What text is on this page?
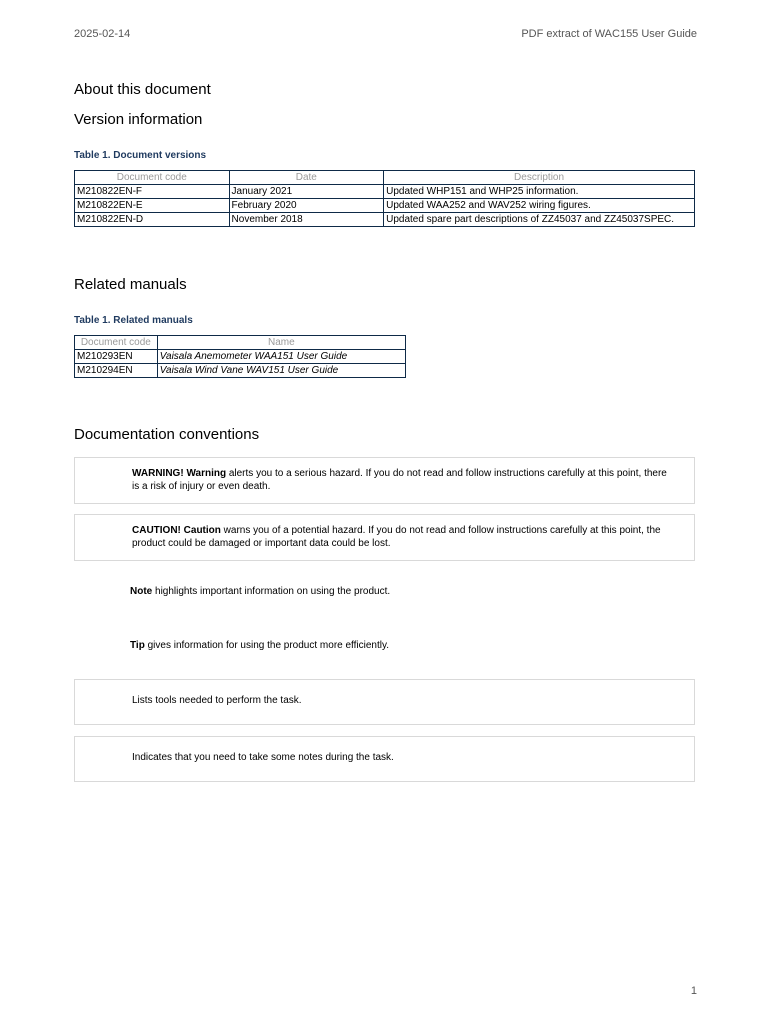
2025-02-14	PDF extract of WAC155 User Guide
About this document
Version information
Table 1. Document versions
Document code	Date	Description
M210822EN-F	January 2021	Updated WHP151 and WHP25 information.
M210822EN-E	February 2020	Updated WAA252 and WAV252 wiring figures.
M210822EN-D	November 2018	Updated spare part descriptions of ZZ45037 and ZZ45037SPEC.
Related manuals
Table 1. Related manuals
Document code	Name
M210293EN	Vaisala Anemometer WAA151 User Guide
M210294EN	Vaisala Wind Vane WAV151 User Guide
Documentation conventions
WARNING! Warning alerts you to a serious hazard. If you do not read and follow instructions carefully at this point, there is a risk of injury or even death.
CAUTION! Caution warns you of a potential hazard. If you do not read and follow instructions carefully at this point, the product could be damaged or important data could be lost.
Note highlights important information on using the product.
Tip gives information for using the product more efficiently.
Lists tools needed to perform the task.
Indicates that you need to take some notes during the task.
1
